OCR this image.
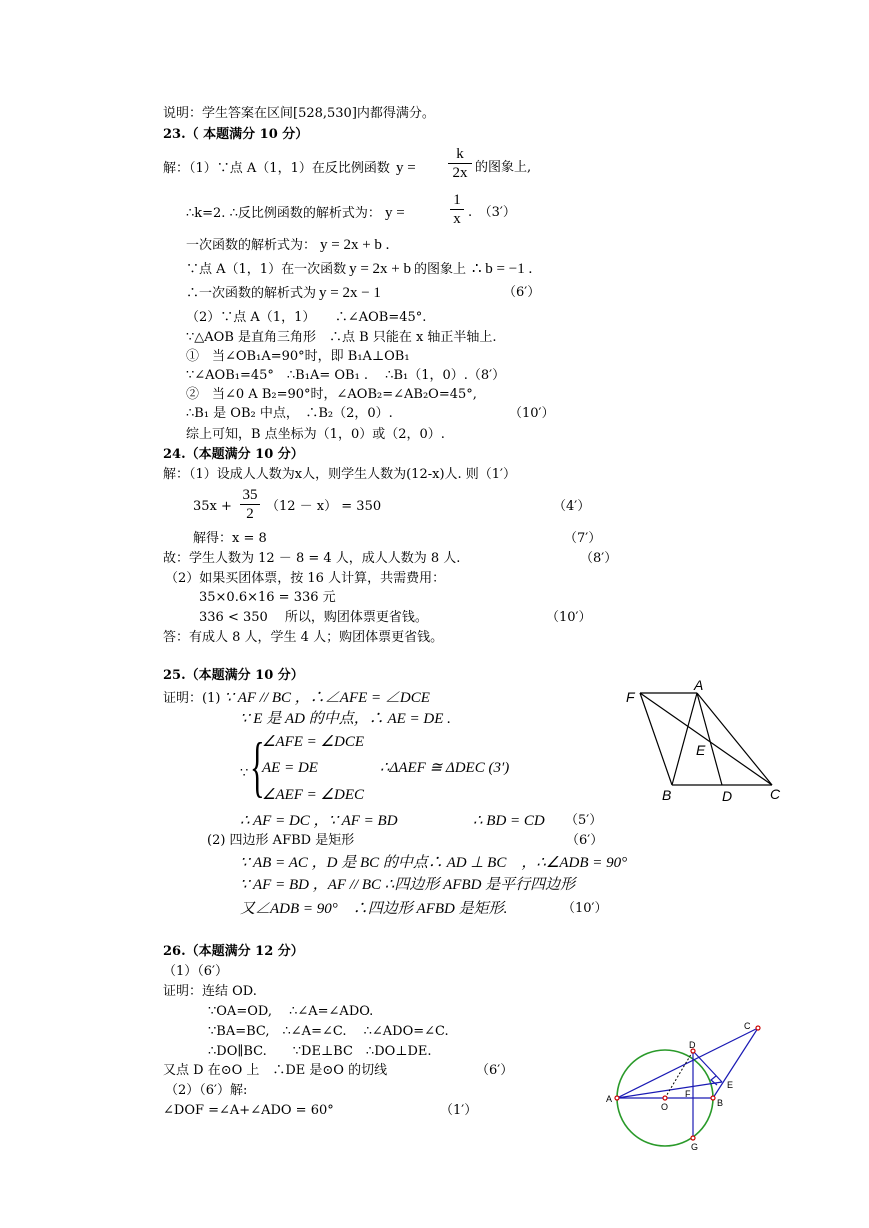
说明：学生答案在区间[528,530]内都得满分。
23.（ 本题满分 10 分）
解：（1）∵点 A（1，1）在反比例函数 y =
k
2x 的图象上,
∴k=2. ∴反比例函数的解析式为： y =
1
x .　（3′）
一次函数的解析式为： y = 2x + b .
∵点 A（1，1）在一次函数 y = 2x + b 的图象上 ∴ b = −1 .
∴一次函数的解析式为 y = 2x − 1	（6′）
（2）∵点 A（1，1）　　∴∠AOB=45°.
∵△AOB 是直角三角形　∴点 B 只能在 x 轴正半轴上.
①　当∠OB₁A=90°时，即 B₁A⊥OB₁
∵∠AOB₁=45°　∴B₁A= OB₁ .　 ∴B₁（1，0）.（8′）
②　当∠0 A B₂=90°时，∠AOB₂=∠AB₂O=45°,
∴B₁ 是 OB₂ 中点，　∴B₂（2，0）.	（10′）
综上可知，B 点坐标为（1，0）或（2，0）.
24.（本题满分 10 分）
解：（1）设成人人数为x人，则学生人数为(12-x)人. 则（1′）
35x +
35
2 （12 － x） = 350	（4′）
解得：x = 8	（7′）
故：学生人数为 12 － 8 = 4 人，成人人数为 8 人.	（8′）
（2）如果买团体票，按 16 人计算，共需费用：
35×0.6×16 = 336 元
336 < 350　 所以，购团体票更省钱。	（10′）
答：有成人 8 人，学生 4 人；购团体票更省钱。
25.（本题满分 10 分）
证明：(1) ∵ AF // BC ，∴∠AFE = ∠DCE
∵ E 是 AD 的中点，∴ AE = DE .
∵ {
∠AFE = ∠DCE
AE = DE	∴ΔAEF ≅ ΔDEC (3′)
∠AEF = ∠DEC
∴ AF = DC ，∵ AF = BD	∴ BD = CD （5′）
(2) 四边形 AFBD 是矩形	（6′）
∵ AB = AC ，D 是 BC 的中点∴ AD ⊥ BC　，∴∠ADB = 90°
∵ AF = BD ，AF // BC ∴四边形 AFBD 是平行四边形
又∠ADB = 90°　∴四边形 AFBD 是矩形.	（10′）
F
A
E
B	D	C
26.（本题满分 12 分）
（1）（6′）
证明：连结 OD.
∵OA=OD,　 ∴∠A=∠ADO.
∵BA=BC,　∴∠A=∠C.　 ∴∠ADO=∠C.
∴DO∥BC.　　∵DE⊥BC　∴DO⊥DE.
又点 D 在⊙O 上　∴DE 是⊙O 的切线	（6′）
（2）（6′）解:
∠DOF =∠A+∠ADO = 60°	（1′）
C
D
E
A
O
F
B
G
